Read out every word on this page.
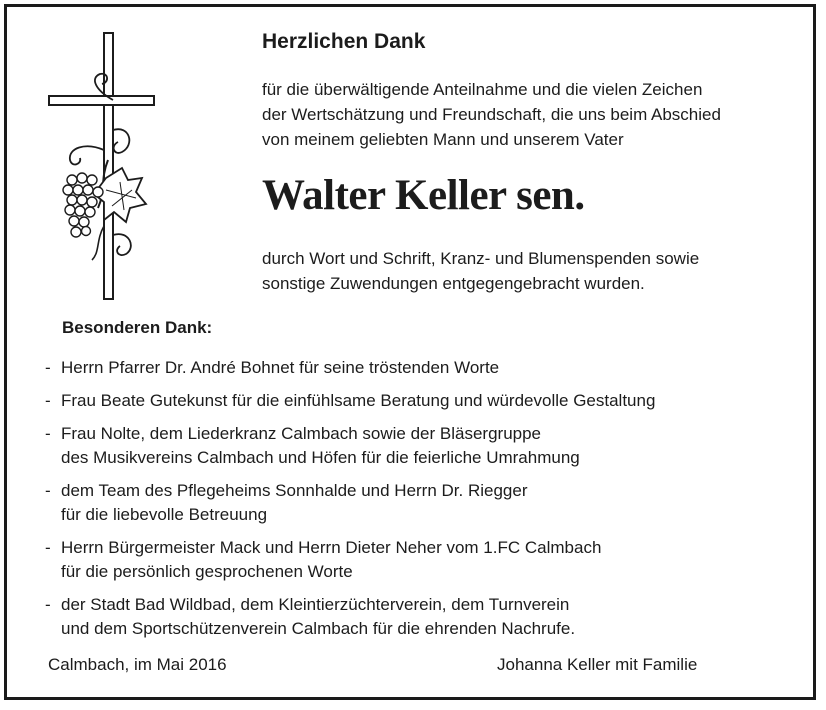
Herzlichen Dank
für die überwältigende Anteilnahme und die vielen Zeichen
der Wertschätzung und Freundschaft, die uns beim Abschied
von meinem geliebten Mann und unserem Vater
Walter Keller sen.
durch Wort und Schrift, Kranz- und Blumenspenden sowie
sonstige Zuwendungen entgegengebracht wurden.
Besonderen Dank:
- Herrn Pfarrer Dr. André Bohnet für seine tröstenden Worte
- Frau Beate Gutekunst für die einfühlsame Beratung und würdevolle Gestaltung
- Frau Nolte, dem Liederkranz Calmbach sowie der Bläsergruppe
des Musikvereins Calmbach und Höfen für die feierliche Umrahmung
- dem Team des Pflegeheims Sonnhalde und Herrn Dr. Riegger
für die liebevolle Betreuung
- Herrn Bürgermeister Mack und Herrn Dieter Neher vom 1.FC Calmbach
für die persönlich gesprochenen Worte
- der Stadt Bad Wildbad, dem Kleintierzüchterverein, dem Turnverein
und dem Sportschützenverein Calmbach für die ehrenden Nachrufe.
Calmbach, im Mai 2016	Johanna Keller mit Familie
